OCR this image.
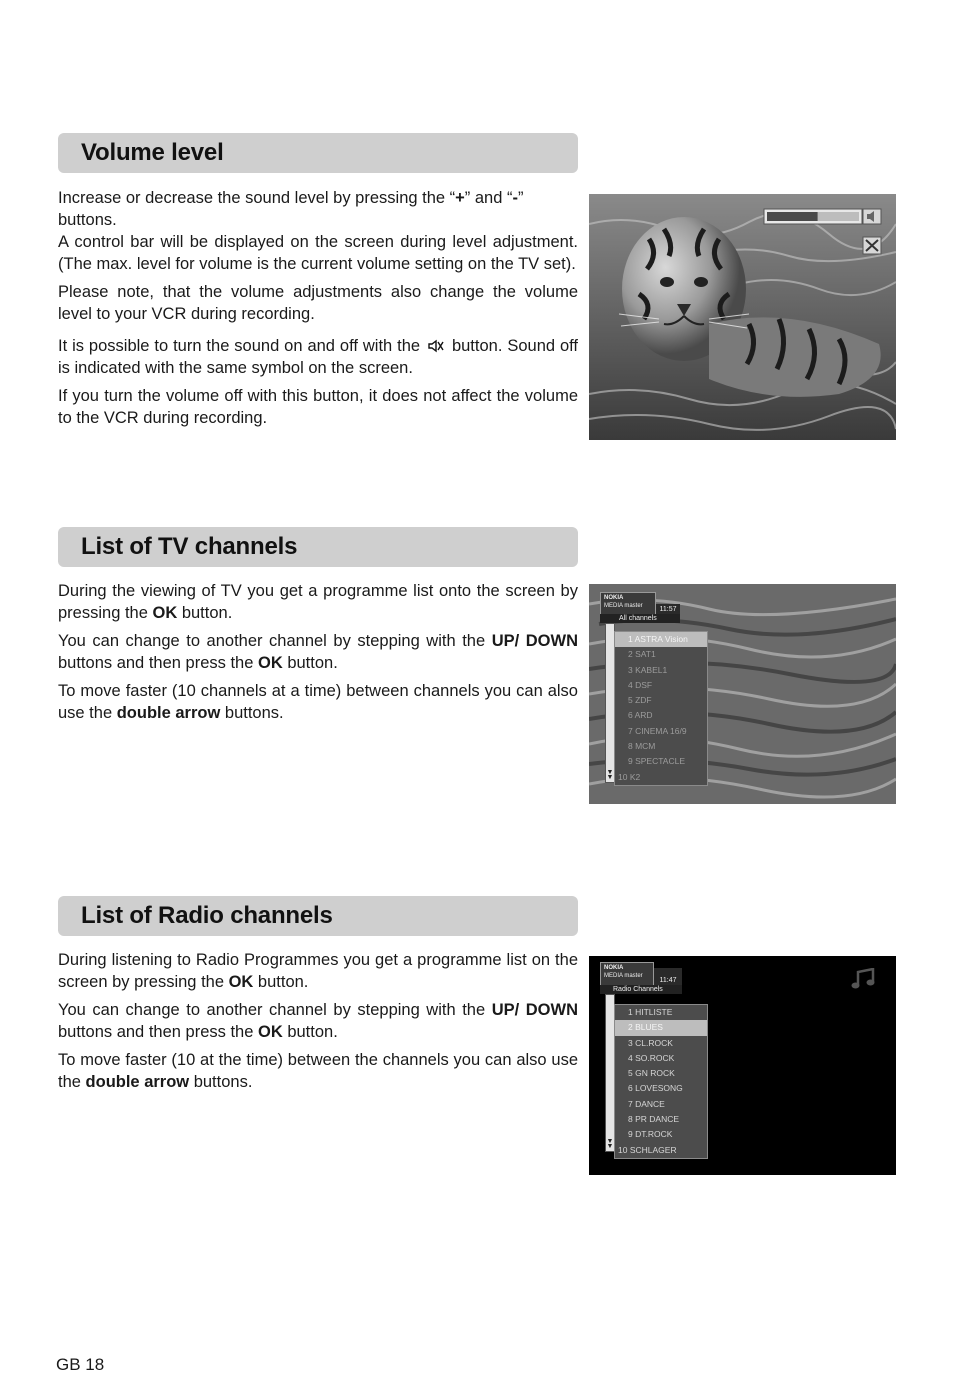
Volume level

Increase or decrease the sound level by pressing the “+” and “-” buttons.

A control bar will be displayed on the screen during level adjustment. (The max. level for volume is the current volume setting on the TV set).

Please note, that the volume adjustments also change the volume level to your VCR during recording.

It is possible to turn the sound on and off with the button. Sound off is indicated with the same symbol on the screen.

If you turn the volume off with this button, it does not affect the volume to the VCR during recording.

List of TV channels

During the viewing of TV you get a programme list onto the screen by pressing the OK button.

You can change to another channel by stepping with the UP/ DOWN buttons and then press the OK button.

To move faster (10 channels at a time) between channels you can also use the double arrow buttons.

NOKIA
MEDIA master	11:57
All channels
▼
▼
1 ASTRA Vision
2 SAT1
3 KABEL1
4 DSF
5 ZDF
6 ARD
7 CINEMA 16/9
8 MCM
9 SPECTACLE
10 K2
List of Radio channels

During listening to Radio Programmes you get a programme list on the screen by pressing the OK button.

You can change to another channel by stepping with the UP/ DOWN buttons and then press the OK button.

To move faster (10 at the time) between the channels you can also use the double arrow buttons.

NOKIA
MEDIA master
11:47
Radio Channels
▼
▼
1 HITLISTE
2 BLUES
3 CL.ROCK
4 SO.ROCK
5 GN ROCK
6 LOVESONG
7 DANCE
8 PR DANCE
9 DT.ROCK
10 SCHLAGER
GB 18
